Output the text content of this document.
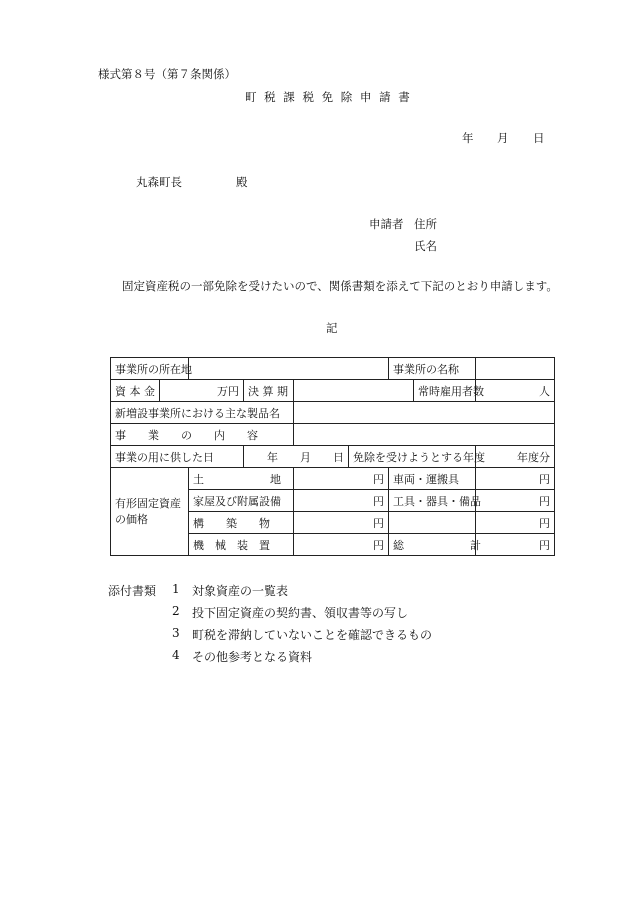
様式第８号（第７条関係）
町 税 課 税 免 除 申 請 書
年 月 日
丸森町長	殿
申請者 住所
氏名
固定資産税の一部免除を受けたいので、関係書類を添えて下記のとおり申請します。
記
事業所の所在地						事業所の名称		
資 本 金	万円		決 算 期				常時雇用者数	人
新増設事業所における主な製品名								
事　　業　　の　　内　　容								
事業の用に供した日			年　　月　　日		免除を受けようとする年度			年度分
有形固定資産の価格		土　　　　　　地		円		車両・運搬具		円
		家屋及び附属設備		円		工具・器具・備品		円
		構　　築　　物		円				円
		機　械　装　置		円		総　　　　　　計		円
添付書類 1 対象資産の一覧表
2 投下固定資産の契約書、領収書等の写し
3 町税を滞納していないことを確認できるもの
4 その他参考となる資料
